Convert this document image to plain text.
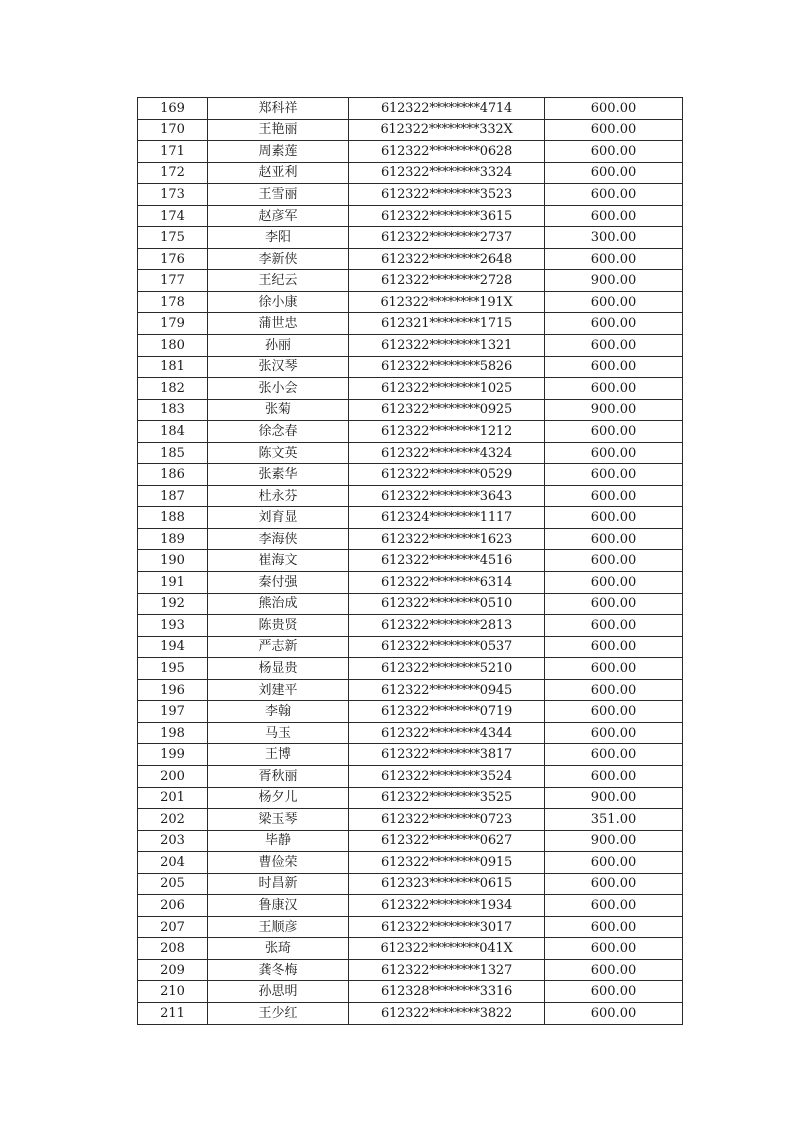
169	郑科祥	612322********4714	600.00
170	王艳丽	612322********332X	600.00
171	周素莲	612322********0628	600.00
172	赵亚利	612322********3324	600.00
173	王雪丽	612322********3523	600.00
174	赵彦军	612322********3615	600.00
175	李阳	612322********2737	300.00
176	李新侠	612322********2648	600.00
177	王纪云	612322********2728	900.00
178	徐小康	612322********191X	600.00
179	蒲世忠	612321********1715	600.00
180	孙丽	612322********1321	600.00
181	张汉琴	612322********5826	600.00
182	张小会	612322********1025	600.00
183	张菊	612322********0925	900.00
184	徐念春	612322********1212	600.00
185	陈文英	612322********4324	600.00
186	张素华	612322********0529	600.00
187	杜永芬	612322********3643	600.00
188	刘育显	612324********1117	600.00
189	李海侠	612322********1623	600.00
190	崔海文	612322********4516	600.00
191	秦付强	612322********6314	600.00
192	熊治成	612322********0510	600.00
193	陈贵贤	612322********2813	600.00
194	严志新	612322********0537	600.00
195	杨显贵	612322********5210	600.00
196	刘建平	612322********0945	600.00
197	李翰	612322********0719	600.00
198	马玉	612322********4344	600.00
199	王博	612322********3817	600.00
200	胥秋丽	612322********3524	600.00
201	杨夕儿	612322********3525	900.00
202	梁玉琴	612322********0723	351.00
203	毕静	612322********0627	900.00
204	曹俭荣	612322********0915	600.00
205	时昌新	612323********0615	600.00
206	鲁康汉	612322********1934	600.00
207	王顺彦	612322********3017	600.00
208	张琦	612322********041X	600.00
209	龚冬梅	612322********1327	600.00
210	孙思明	612328********3316	600.00
211	王少红	612322********3822	600.00
